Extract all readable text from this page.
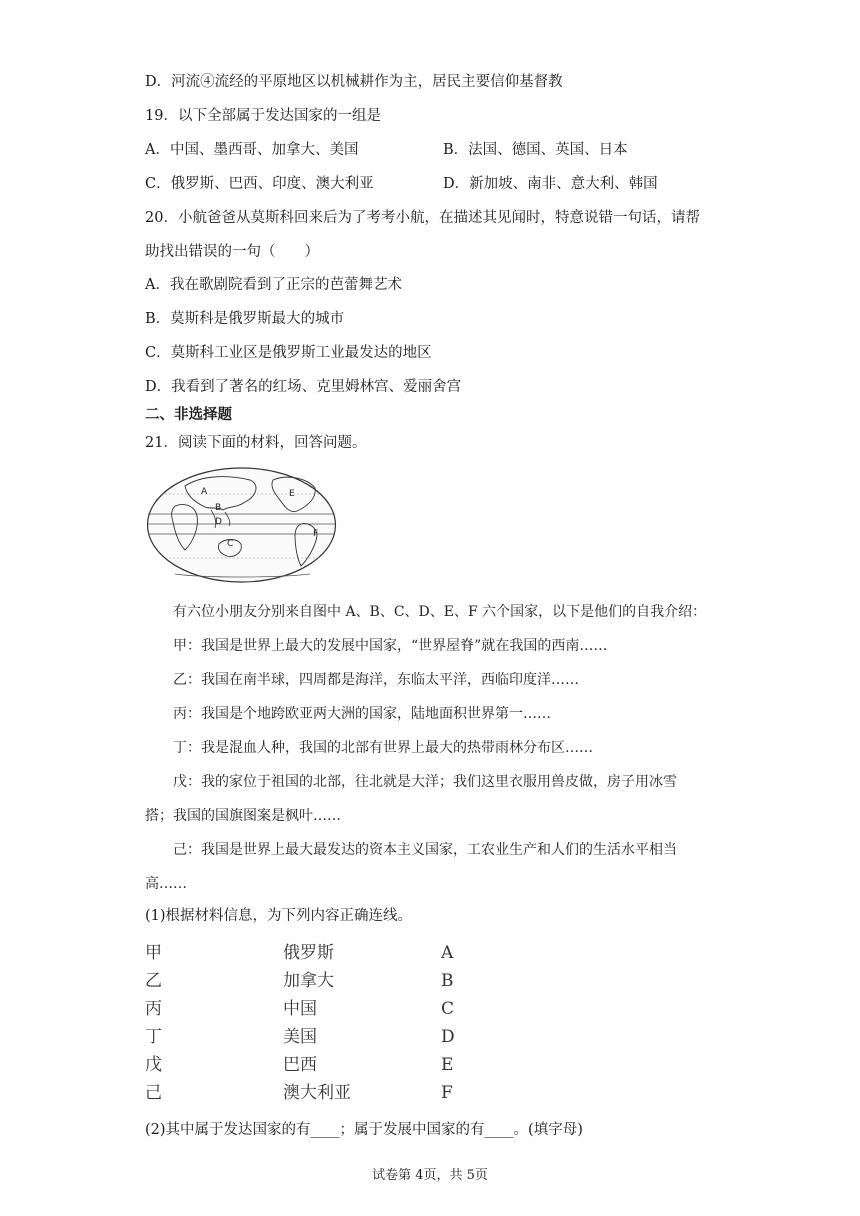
D．河流④流经的平原地区以机械耕作为主，居民主要信仰基督教
19．以下全部属于发达国家的一组是
A．中国、墨西哥、加拿大、美国	B．法国、德国、英国、日本
C．俄罗斯、巴西、印度、澳大利亚	D．新加坡、南非、意大利、韩国
20．小航爸爸从莫斯科回来后为了考考小航，在描述其见闻时，特意说错一句话，请帮
助找出错误的一句（　　）
A．我在歌剧院看到了正宗的芭蕾舞艺术
B．莫斯科是俄罗斯最大的城市
C．莫斯科工业区是俄罗斯工业最发达的地区
D．我看到了著名的红场、克里姆林宫、爱丽舍宫
二、非选择题
21．阅读下面的材料，回答问题。
A
B
C
D
E
F
有六位小朋友分别来自图中 A、B、C、D、E、F 六个国家，以下是他们的自我介绍：
甲：我国是世界上最大的发展中国家，“世界屋脊”就在我国的西南……
乙：我国在南半球，四周都是海洋，东临太平洋，西临印度洋……
丙：我国是个地跨欧亚两大洲的国家，陆地面积世界第一……
丁：我是混血人种，我国的北部有世界上最大的热带雨林分布区……
戊：我的家位于祖国的北部，往北就是大洋；我们这里衣服用兽皮做，房子用冰雪
搭；我国的国旗图案是枫叶……
己：我国是世界上最大最发达的资本主义国家，工农业生产和人们的生活水平相当
高……
(1)根据材料信息，为下列内容正确连线。
甲
乙
丙
丁
戊
己
俄罗斯
加拿大
中国
美国
巴西
澳大利亚
A
B
C
D
E
F
(2)其中属于发达国家的有____；属于发展中国家的有____。(填字母)
试卷第 4页，共 5页
